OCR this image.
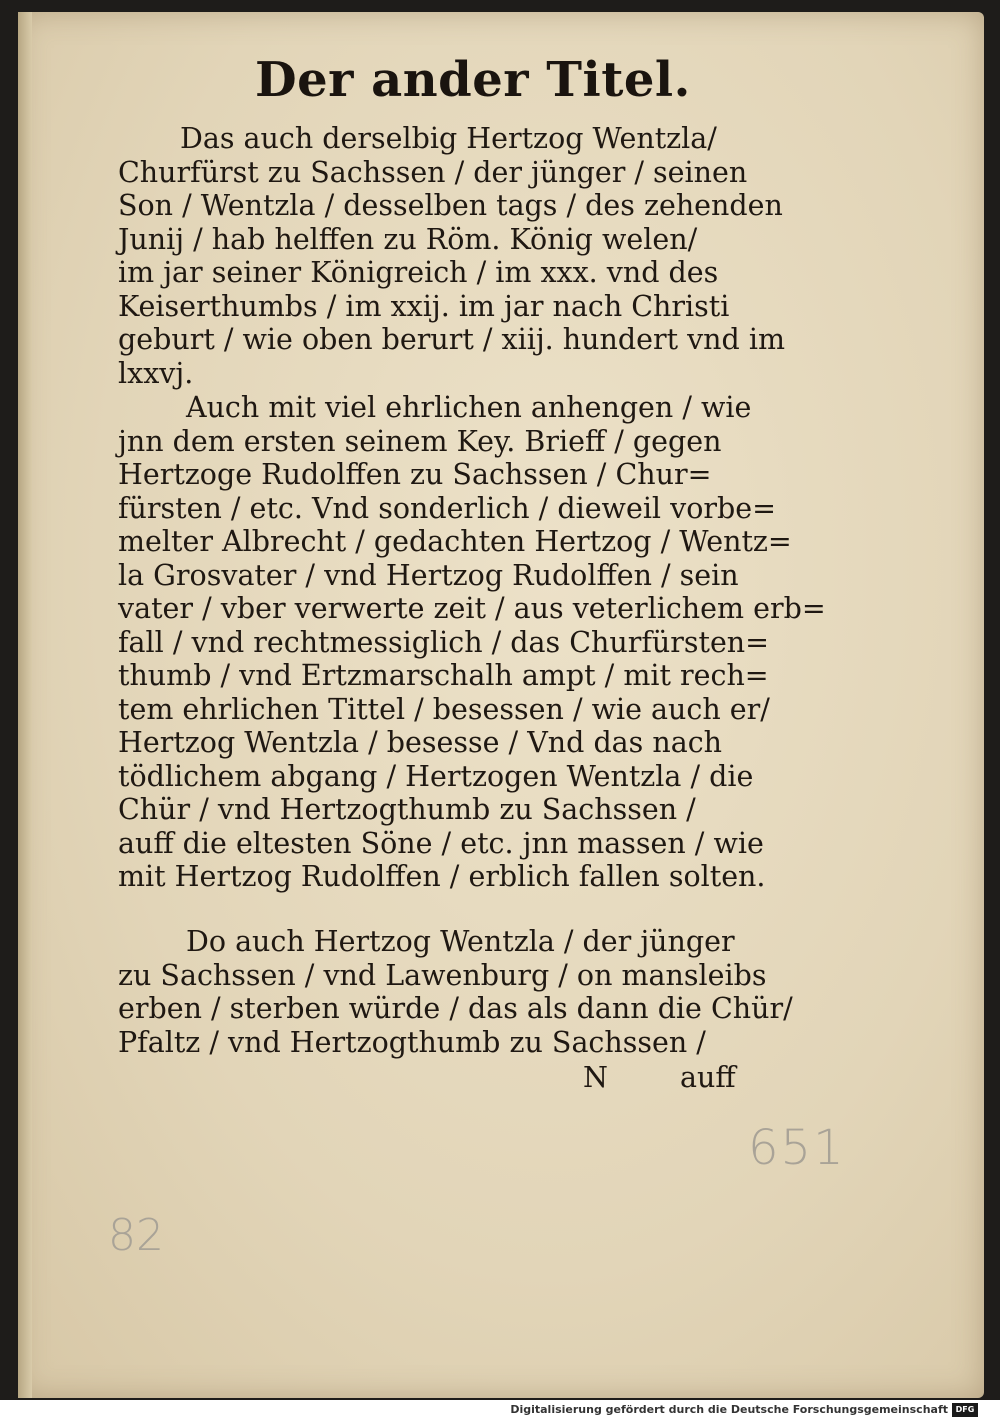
Der ander Titel.
Das auch derselbig Hertzog Wentzla/
Churfürst zu Sachssen / der jünger / seinen
Son / Wentzla / desselben tags / des zehenden
Junij / hab helffen zu Röm. König welen/
im jar seiner Königreich / im xxx. vnd des
Keiserthumbs / im xxij. im jar nach Christi
geburt / wie oben berurt / xiij. hundert vnd im
lxxvj.
Auch mit viel ehrlichen anhengen / wie
jnn dem ersten seinem Key. Brieff / gegen
Hertzoge Rudolffen zu Sachssen / Chur=
fürsten / etc. Vnd sonderlich / dieweil vorbe=
melter Albrecht / gedachten Hertzog / Wentz=
la Grosvater / vnd Hertzog Rudolffen / sein
vater / vber verwerte zeit / aus veterlichem erb=
fall / vnd rechtmessiglich / das Churfürsten=
thumb / vnd Ertzmarschalh ampt / mit rech=
tem ehrlichen Tittel / besessen / wie auch er/
Hertzog Wentzla / besesse / Vnd das nach
tödlichem abgang / Hertzogen Wentzla / die
Chür / vnd Hertzogthumb zu Sachssen /
auff die eltesten Söne / etc. jnn massen / wie
mit Hertzog Rudolffen / erblich fallen solten.
Do auch Hertzog Wentzla / der jünger
zu Sachssen / vnd Lawenburg / on mansleibs
erben / sterben würde / das als dann die Chür/
Pfaltz / vnd Hertzogthumb zu Sachssen /
N	auff
651
82
Digitalisierung gefördert durch die Deutsche Forschungsgemeinschaft DFG
